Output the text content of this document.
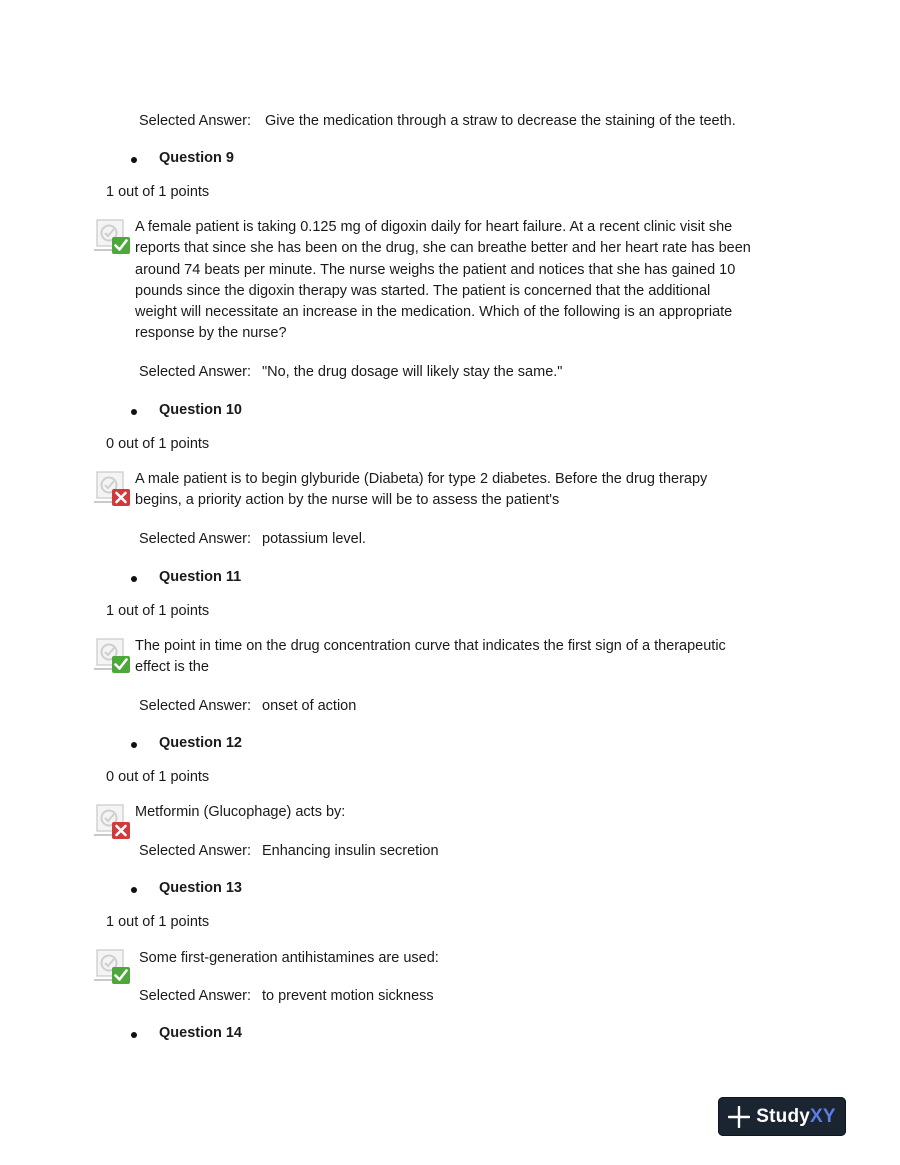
Selected Answer: Give the medication through a straw to decrease the staining of the teeth.
Question 9
1 out of 1 points
A female patient is taking 0.125 mg of digoxin daily for heart failure. At a recent clinic visit she
reports that since she has been on the drug, she can breathe better and her heart rate has been
around 74 beats per minute. The nurse weighs the patient and notices that she has gained 10
pounds since the digoxin therapy was started. The patient is concerned that the additional
weight will necessitate an increase in the medication. Which of the following is an appropriate
response by the nurse?
Selected Answer: "No, the drug dosage will likely stay the same."
Question 10
0 out of 1 points
A male patient is to begin glyburide (Diabeta) for type 2 diabetes. Before the drug therapy
begins, a priority action by the nurse will be to assess the patient's
Selected Answer: potassium level.
Question 11
1 out of 1 points
The point in time on the drug concentration curve that indicates the first sign of a therapeutic
effect is the
Selected Answer: onset of action
Question 12
0 out of 1 points
Metformin (Glucophage) acts by:
Selected Answer: Enhancing insulin secretion
Question 13
1 out of 1 points
Some first-generation antihistamines are used:
Selected Answer: to prevent motion sickness
Question 14
StudyXY
